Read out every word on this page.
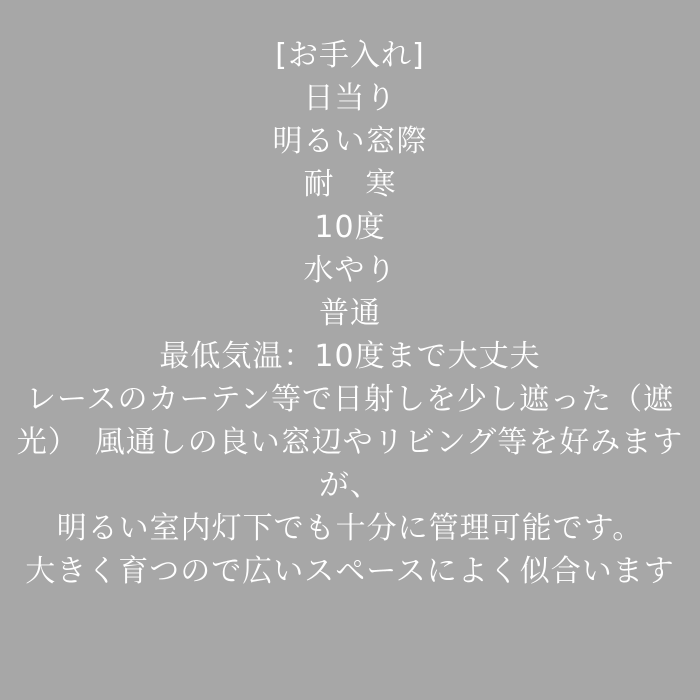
[お手入れ]
日当り
明るい窓際
耐　寒
10度
水やり
普通
最低気温：10度まで大丈夫
レースのカーテン等で日射しを少し遮った（遮
光）　風通しの良い窓辺やリビング等を好みます
が、
明るい室内灯下でも十分に管理可能です。
大きく育つので広いスペースによく似合います
